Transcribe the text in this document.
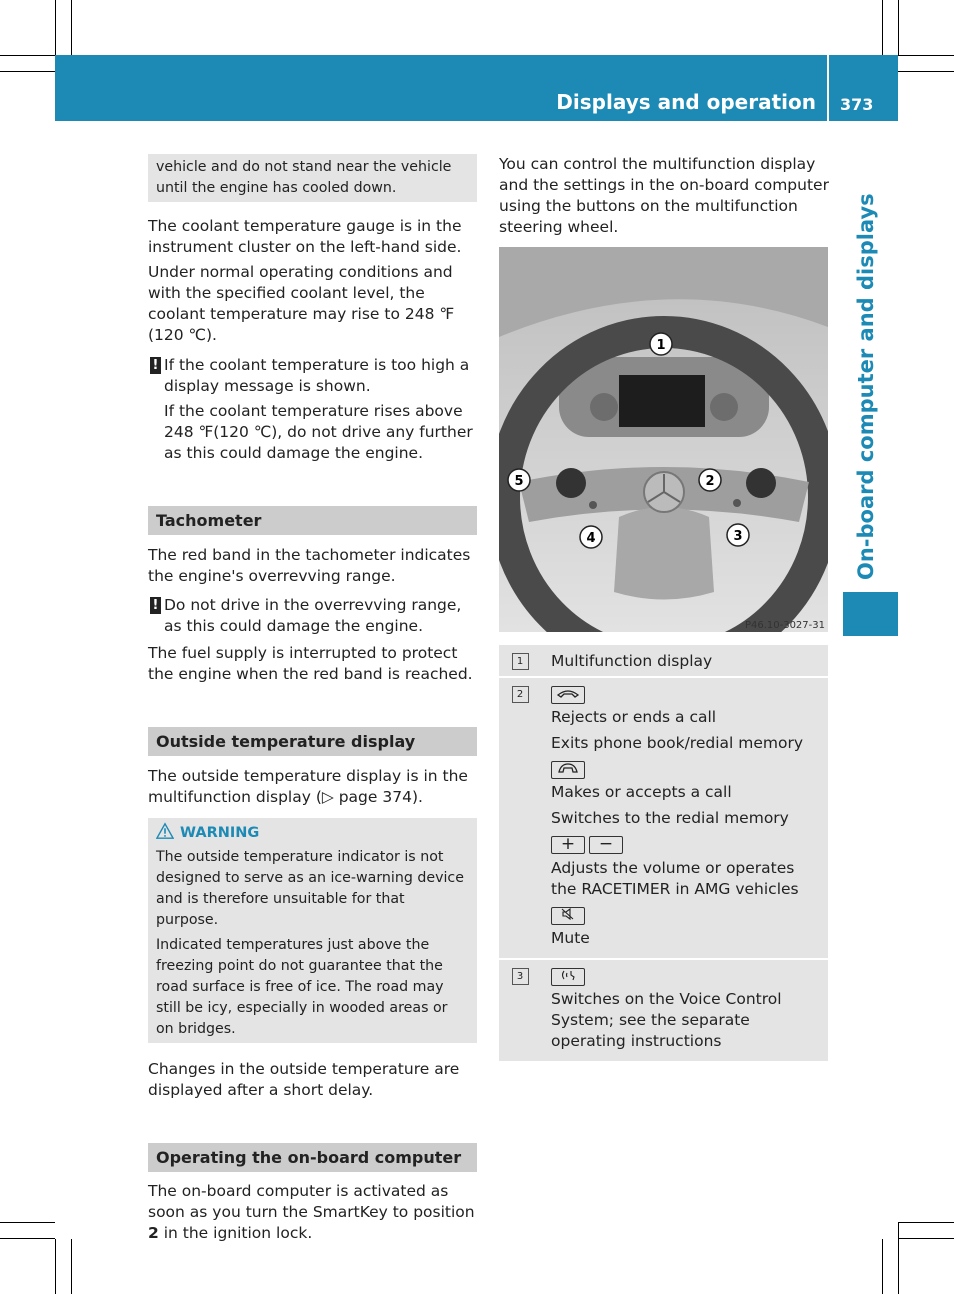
Displays and operation 373
On-board computer and displays
vehicle and do not stand near the vehicle until the engine has cooled down.

The coolant temperature gauge is in the instrument cluster on the left-hand side.

Under normal operating conditions and with the specified coolant level, the coolant temperature may rise to 248 ℉ (120 ℃).

! If the coolant temperature is too high a display message is shown.

If the coolant temperature rises above 248 ℉(120 ℃), do not drive any further as this could damage the engine.

Tachometer

The red band in the tachometer indicates the engine's overrevving range.

! Do not drive in the overrevving range, as this could damage the engine.

The fuel supply is interrupted to protect the engine when the red band is reached.

Outside temperature display

The outside temperature display is in the multifunction display (▷ page 374).

WARNING

The outside temperature indicator is not designed to serve as an ice-warning device and is therefore unsuitable for that purpose.

Indicated temperatures just above the freezing point do not guarantee that the road surface is free of ice. The road may still be icy, especially in wooded areas or on bridges.

Changes in the outside temperature are displayed after a short delay.

Operating the on-board computer

The on-board computer is activated as soon as you turn the SmartKey to position 2 in the ignition lock.

You can control the multifunction display and the settings in the on-board computer using the buttons on the multifunction steering wheel.

1
2
3
4
5
P46.10-3027-31
1	Multifunction display

2

Rejects or ends a call

Exits phone book/redial memory

Makes or accepts a call

Switches to the redial memory

+ −

Adjusts the volume or operates the RACETIMER in AMG vehicles

Mute

3

Switches on the Voice Control System; see the separate operating instructions
